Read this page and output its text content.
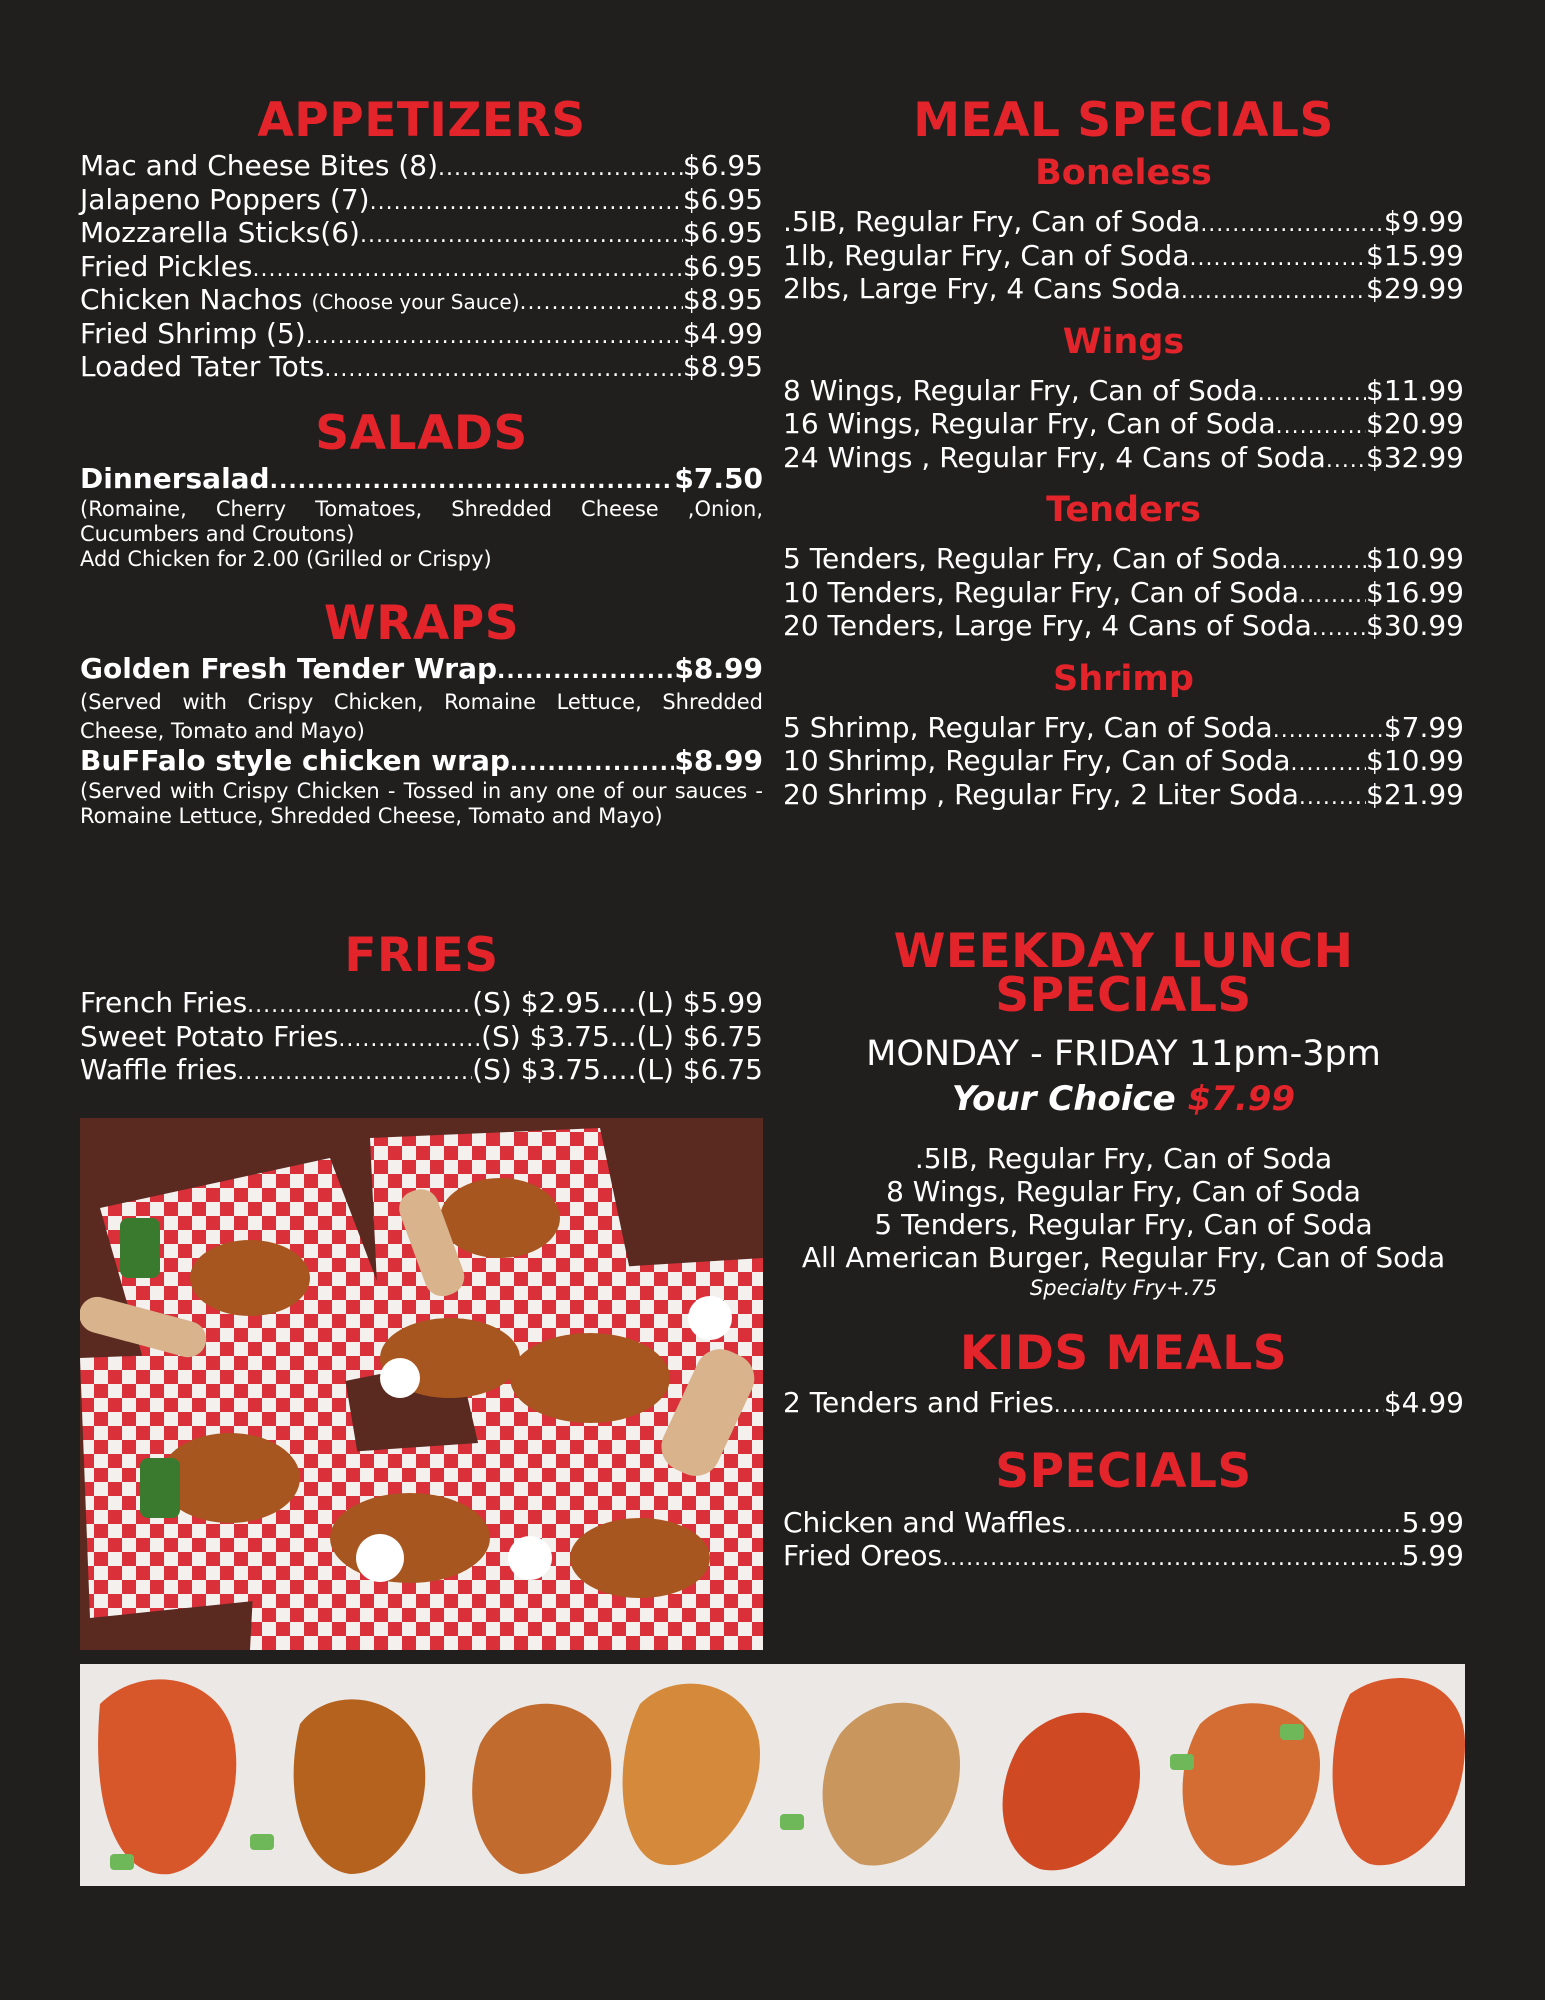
APPETIZERS
Mac and Cheese Bites (8) .....	$6.95
Jalapeno Poppers (7) .....	$6.95
Mozzarella Sticks(6) .....	$6.95
Fried Pickles .....	$6.95
Chicken Nachos (Choose your Sauce) .....	$8.95
Fried Shrimp (5) .....	$4.99
Loaded Tater Tots .....	$8.95
SALADS
Dinnersalad .....	$7.50
(Romaine, Cherry Tomatoes, Shredded Cheese ,Onion, Cucumbers and Croutons)
Add Chicken for 2.00 (Grilled or Crispy)
WRAPS
Golden Fresh Tender Wrap .....	$8.99
(Served with Crispy Chicken, Romaine Lettuce, Shredded Cheese, Tomato and Mayo)
BuFFalo style chicken wrap .....	$8.99
(Served with Crispy Chicken - Tossed in any one of our sauces - Romaine Lettuce, Shredded Cheese, Tomato and Mayo)
FRIES
French Fries .....	(S) $2.95....(L) $5.99
Sweet Potato Fries .....	(S) $3.75...(L) $6.75
Waffle fries .....	(S) $3.75....(L) $6.75
MEAL SPECIALS
Boneless
.5IB, Regular Fry, Can of Soda .....	$9.99
1lb, Regular Fry, Can of Soda .....	$15.99
2lbs, Large Fry, 4 Cans Soda .....	$29.99
Wings
8 Wings, Regular Fry, Can of Soda .....	$11.99
16 Wings, Regular Fry, Can of Soda .....	$20.99
24 Wings , Regular Fry, 4 Cans of Soda ..... $32.99
Tenders
5 Tenders, Regular Fry, Can of Soda .....	$10.99
10 Tenders, Regular Fry, Can of Soda ..... $16.99
20 Tenders, Large Fry, 4 Cans of Soda ..... $30.99
Shrimp
5 Shrimp, Regular Fry, Can of Soda .....	$7.99
10 Shrimp, Regular Fry, Can of Soda .....	$10.99
20 Shrimp , Regular Fry, 2 Liter Soda ..... $21.99
WEEKDAY LUNCH
SPECIALS
MONDAY - FRIDAY 11pm-3pm
Your Choice $7.99
.5IB, Regular Fry, Can of Soda
8 Wings, Regular Fry, Can of Soda
5 Tenders, Regular Fry, Can of Soda
All American Burger, Regular Fry, Can of Soda
Specialty Fry+.75
KIDS MEALS
2 Tenders and Fries .....	$4.99
SPECIALS
Chicken and Waffles .....	5.99
Fried Oreos .....	5.99
